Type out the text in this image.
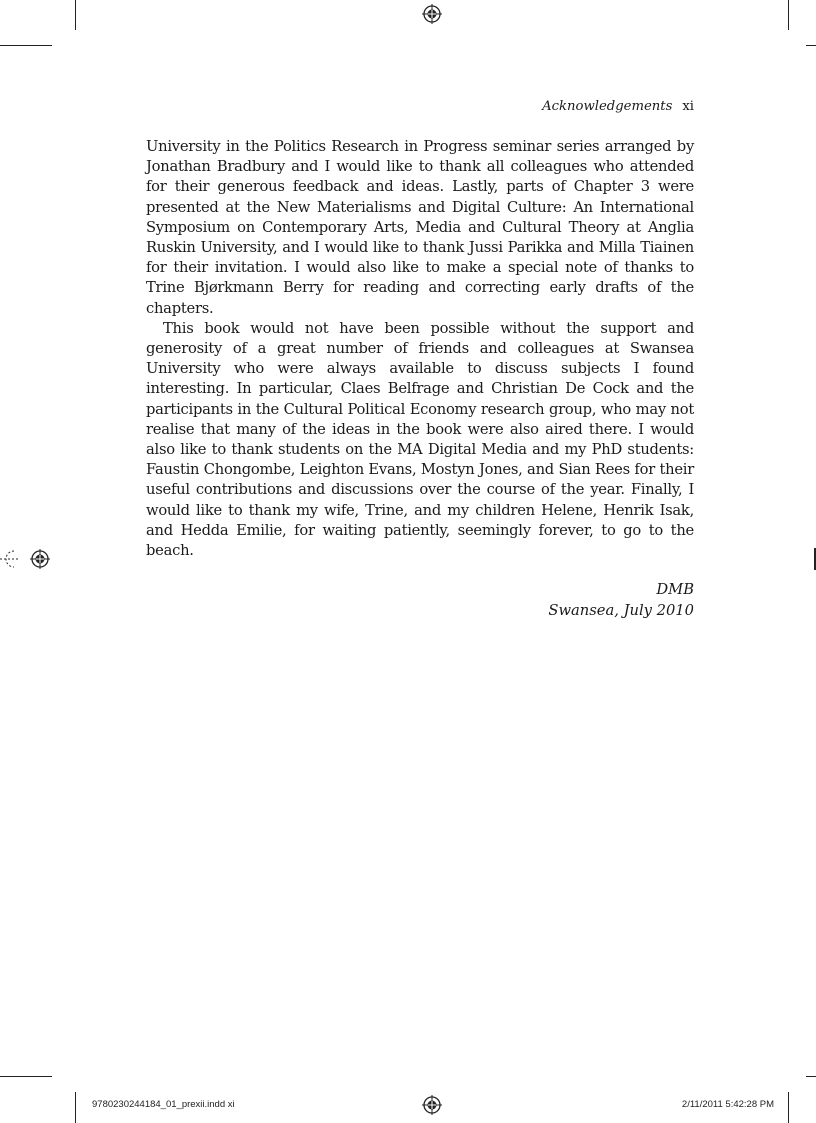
Acknowledgements xi

University in the Politics Research in Progress seminar series arranged by Jonathan Bradbury and I would like to thank all colleagues who attended for their generous feedback and ideas. Lastly, parts of Chapter 3 were presented at the New Materialisms and Digital Culture: An International Symposium on Contemporary Arts, Media and Cultural Theory at Anglia Ruskin University, and I would like to thank Jussi Parikka and Milla Tiainen for their invitation. I would also like to make a special note of thanks to Trine Bjørkmann Berry for reading and correcting early drafts of the chapters.

This book would not have been possible without the support and generosity of a great number of friends and colleagues at Swansea University who were always available to discuss subjects I found interesting. In particular, Claes Belfrage and Christian De Cock and the participants in the Cultural Political Economy research group, who may not realise that many of the ideas in the book were also aired there. I would also like to thank students on the MA Digital Media and my PhD students: Faustin Chongombe, Leighton Evans, Mostyn Jones, and Sian Rees for their useful contributions and discussions over the course of the year. Finally, I would like to thank my wife, Trine, and my children Helene, Henrik Isak, and Hedda Emilie, for waiting patiently, seemingly forever, to go to the beach.

DMB
Swansea, July 2010
9780230244184_01_prexii.indd xi	2/11/2011 5:42:28 PM
